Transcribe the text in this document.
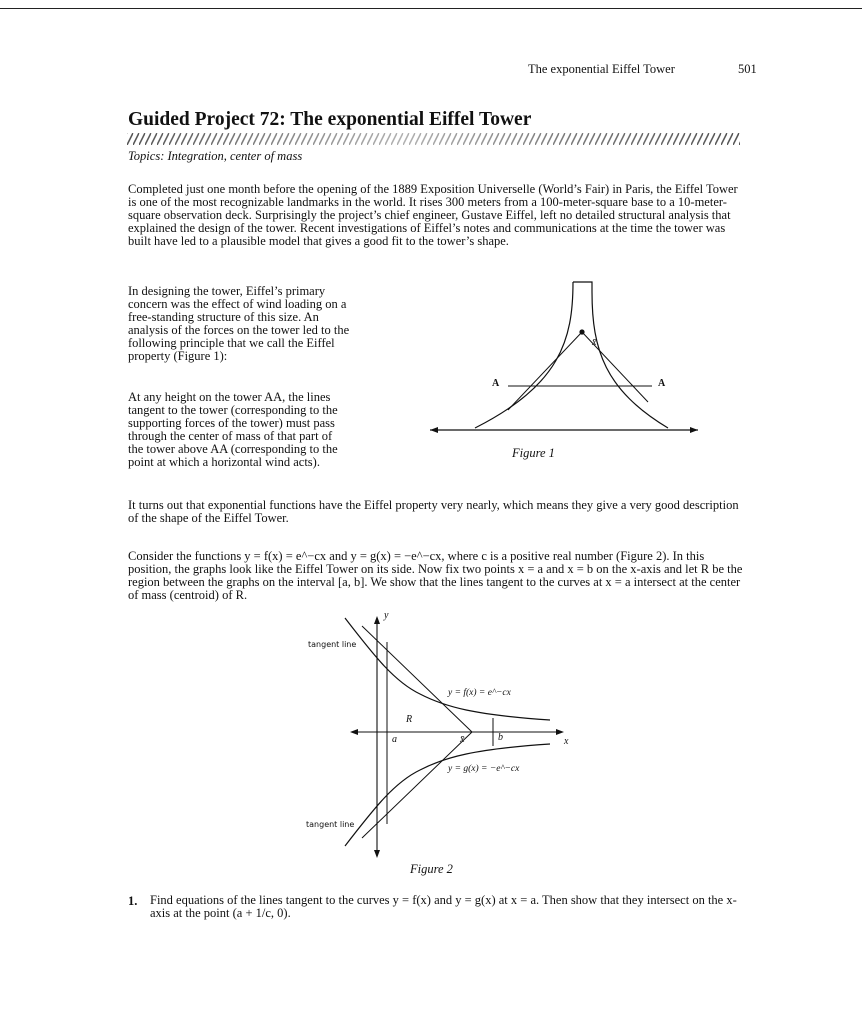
The exponential Eiffel Tower	501
Guided Project 72: The exponential Eiffel Tower
Topics: Integration, center of mass

Completed just one month before the opening of the 1889 Exposition Universelle (World’s Fair) in Paris, the Eiffel Tower is one of the most recognizable landmarks in the world. It rises 300 meters from a 100-meter-square base to a 10-meter-square observation deck. Surprisingly the project’s chief engineer, Gustave Eiffel, left no detailed structural analysis that explained the design of the tower. Recent investigations of Eiffel’s notes and communications at the time the tower was built have led to a plausible model that gives a good fit to the tower’s shape.

In designing the tower, Eiffel’s primary concern was the effect of wind loading on a free-standing structure of this size. An analysis of the forces on the tower led to the following principle that we call the Eiffel property (Figure 1):

At any height on the tower AA, the lines tangent to the tower (corresponding to the supporting forces of the tower) must pass through the center of mass of that part of the tower above AA (corresponding to the point at which a horizontal wind acts).

It turns out that exponential functions have the Eiffel property very nearly, which means they give a very good description of the shape of the Eiffel Tower.

Consider the functions y = f(x) = e^−cx and y = g(x) = −e^−cx, where c is a positive real number (Figure 2). In this position, the graphs look like the Eiffel Tower on its side. Now fix two points x = a and x = b on the x-axis and let R be the region between the graphs on the interval [a, b]. We show that the lines tangent to the curves at x = a intersect at the center of mass (centroid) of R.

A	A
x̄
Figure 1
tangent line
tangent line
y = f(x) = e^−cx
y = g(x) = −e^−cx
R
a	x̄	b	x
y
Figure 2
1. Find equations of the lines tangent to the curves y = f(x) and y = g(x) at x = a. Then show that they intersect on the x-axis at the point (a + 1/c, 0).
